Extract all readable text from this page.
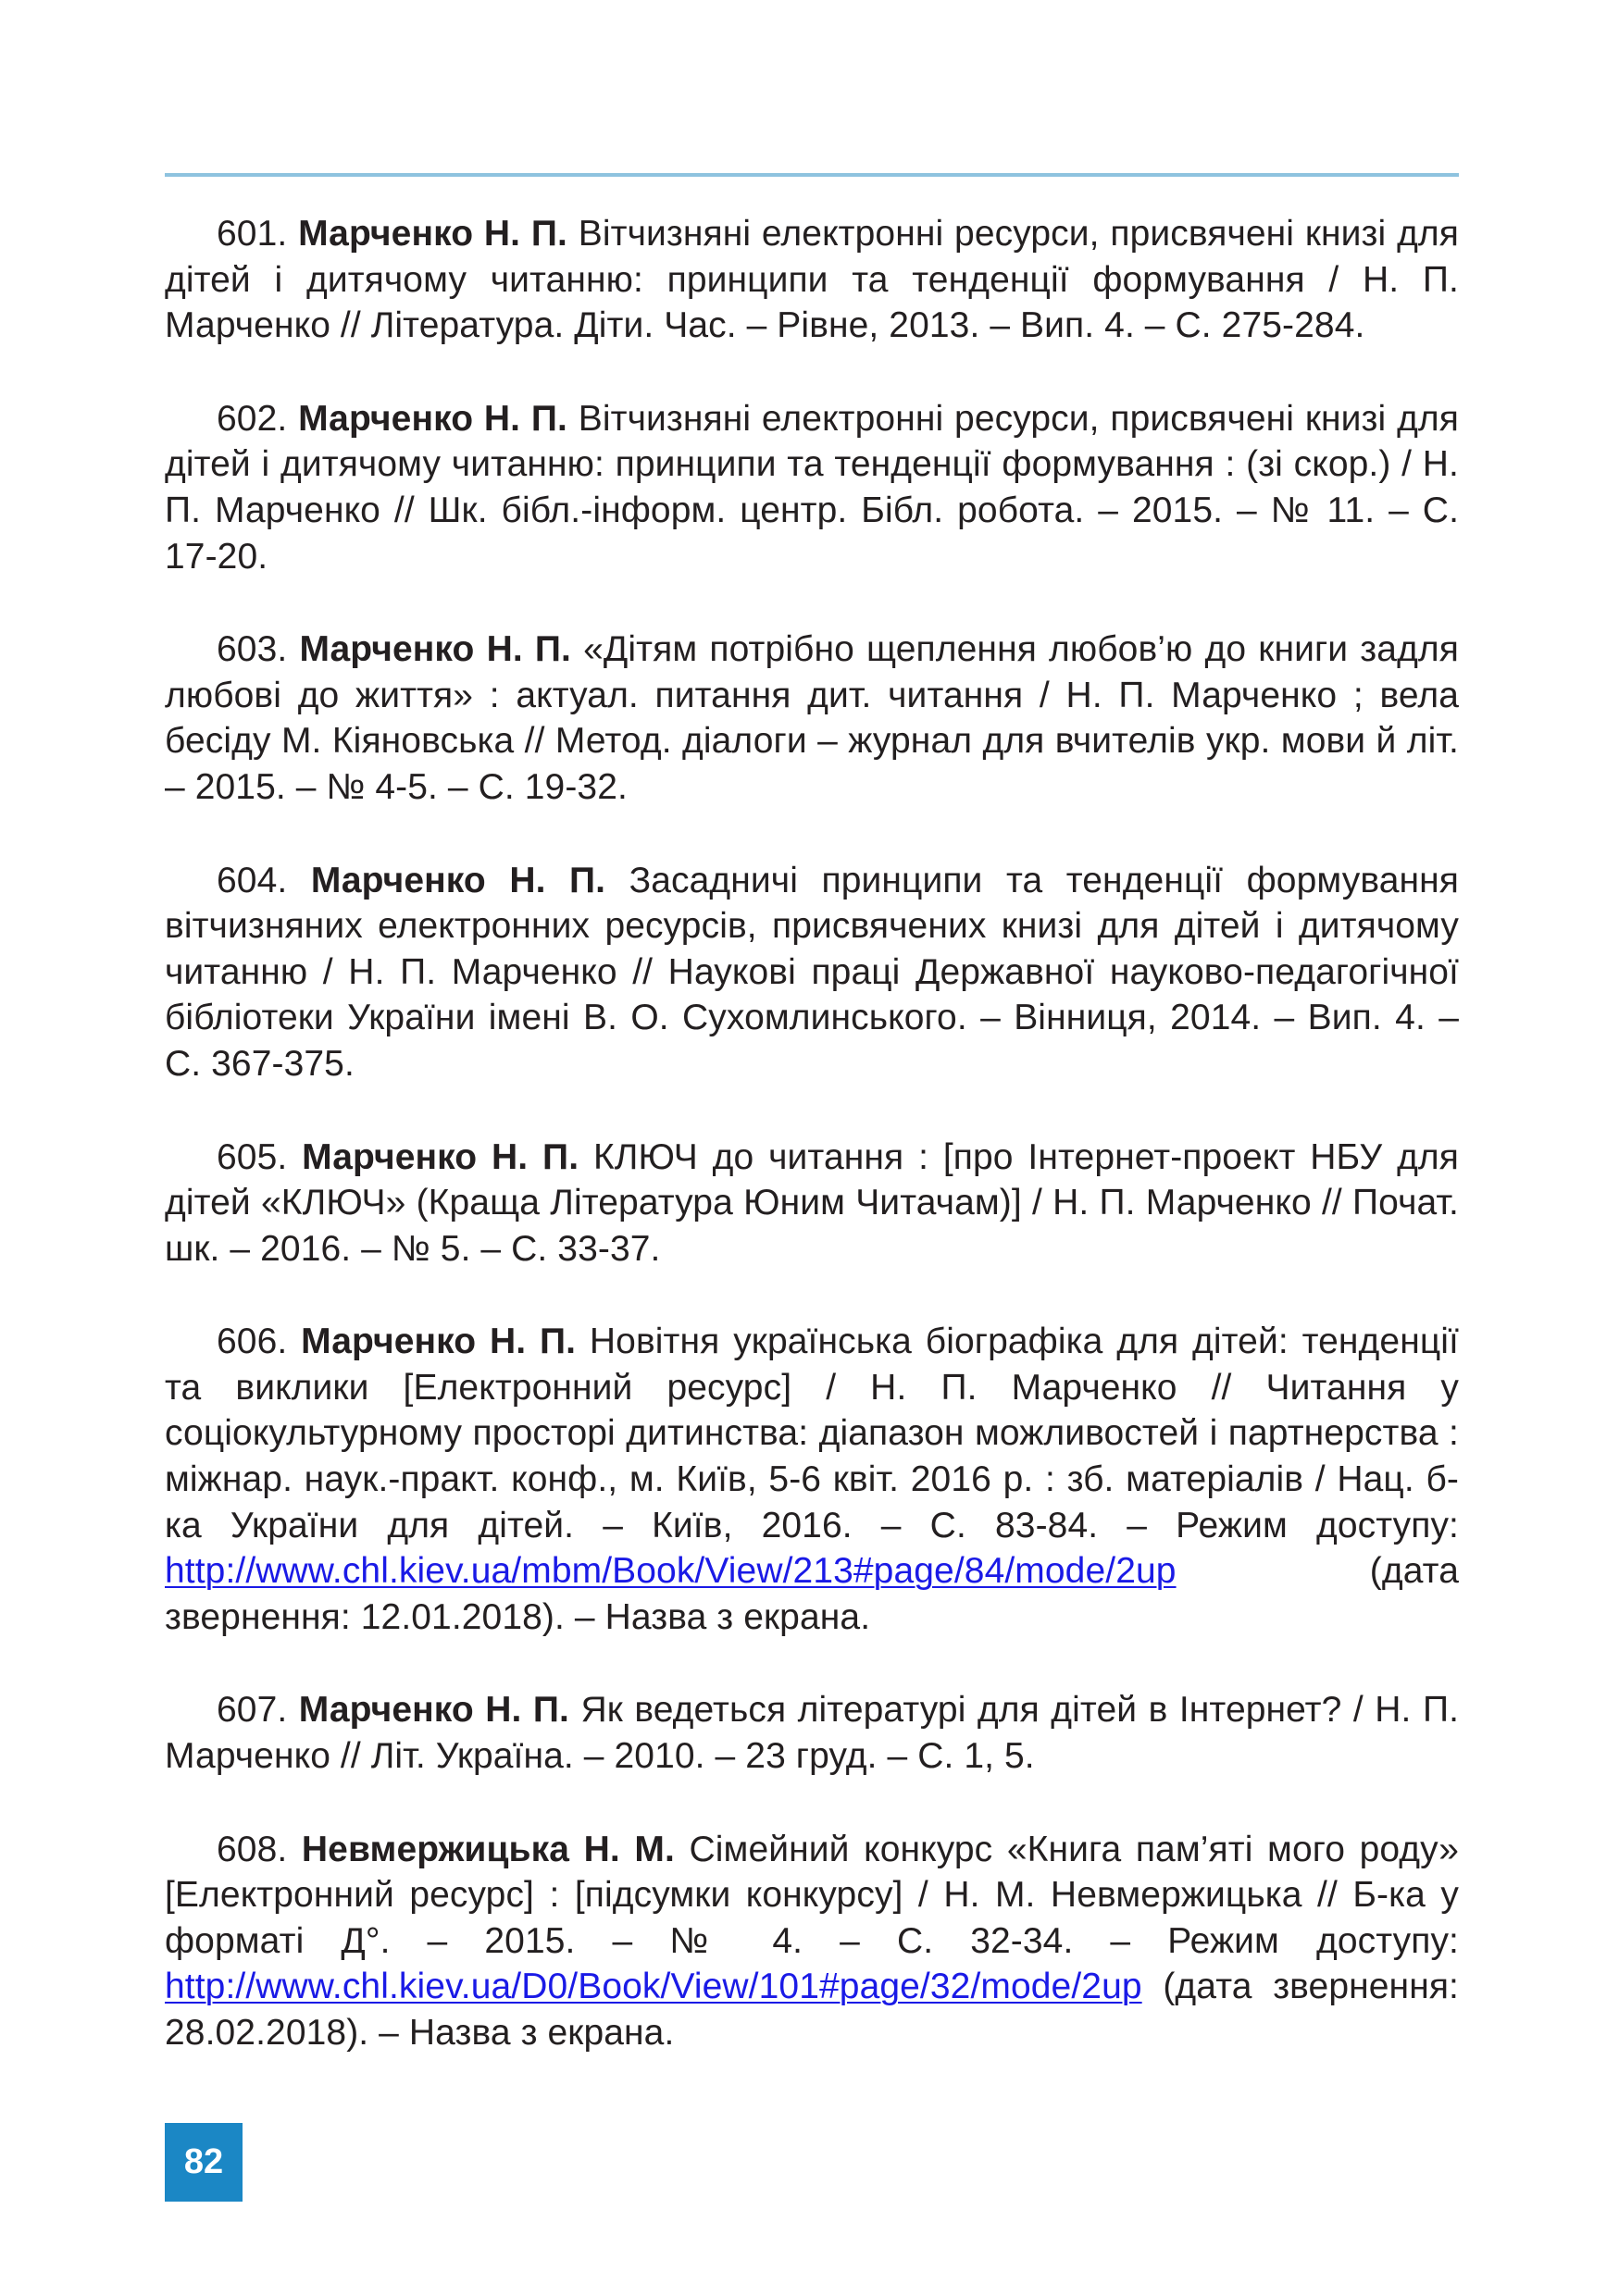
601. Марченко Н. П. Вітчизняні електронні ресурси, присвячені книзі для дітей і дитячому читанню: принципи та тенденції формування / Н. П. Марченко // Література. Діти. Час. – Рівне, 2013. – Вип. 4. – С. 275-284.

602. Марченко Н. П. Вітчизняні електронні ресурси, присвячені книзі для дітей і дитячому читанню: принципи та тенденції формування : (зі скор.) / Н. П. Марченко // Шк. бібл.-інформ. центр. Бібл. робота. – 2015. – № 11. – С. 17-20.

603. Марченко Н. П. «Дітям потрібно щеплення любов’ю до книги задля любові до життя» : актуал. питання дит. читання / Н. П. Марченко ; вела бесіду М. Кіяновська // Метод. діалоги – журнал для вчителів укр. мови й літ. – 2015. – № 4-5. – С. 19-32.

604. Марченко Н. П. Засадничі принципи та тенденції формування вітчизняних електронних ресурсів, присвячених книзі для дітей і дитячому читанню / Н. П. Марченко // Наукові праці Державної науково-педагогічної бібліотеки України імені В. О. Сухомлинського. – Вінниця, 2014. – Вип. 4. – С. 367-375.

605. Марченко Н. П. КЛЮЧ до читання : [про Інтернет-проект НБУ для дітей «КЛЮЧ» (Краща Література Юним Читачам)] / Н. П. Марченко // Почат. шк. – 2016. – № 5. – С. 33-37.

606. Марченко Н. П. Новітня українська біографіка для дітей: тенденції та виклики [Електронний ресурс] / Н. П. Марченко // Читання у соціокультурному просторі дитинства: діапазон можливостей і партнерства : міжнар. наук.-практ. конф., м. Київ, 5-6 квіт. 2016 р. : зб. матеріалів / Нац. б-ка України для дітей. – Київ, 2016. – С. 83-84. – Режим доступу: http://www.chl.kiev.ua/mbm/Book/View/213#page/84/mode/2up	(дата звернення: 12.01.2018). – Назва з екрана.

607. Марченко Н. П. Як ведеться літературі для дітей в Інтернет? / Н. П. Марченко // Літ. Україна. – 2010. – 23 груд. – С. 1, 5.

608. Невмержицька Н. М. Сімейний конкурс «Книга пам’яті мого роду» [Електронний ресурс] : [підсумки конкурсу] / Н. М. Невмержицька // Б-ка у форматі Д°. – 2015. – № 4. – С. 32-34. – Режим доступу: http://www.chl.kiev.ua/D0/Book/View/101#page/32/mode/2up (дата звернення: 28.02.2018). – Назва з екрана.

82
